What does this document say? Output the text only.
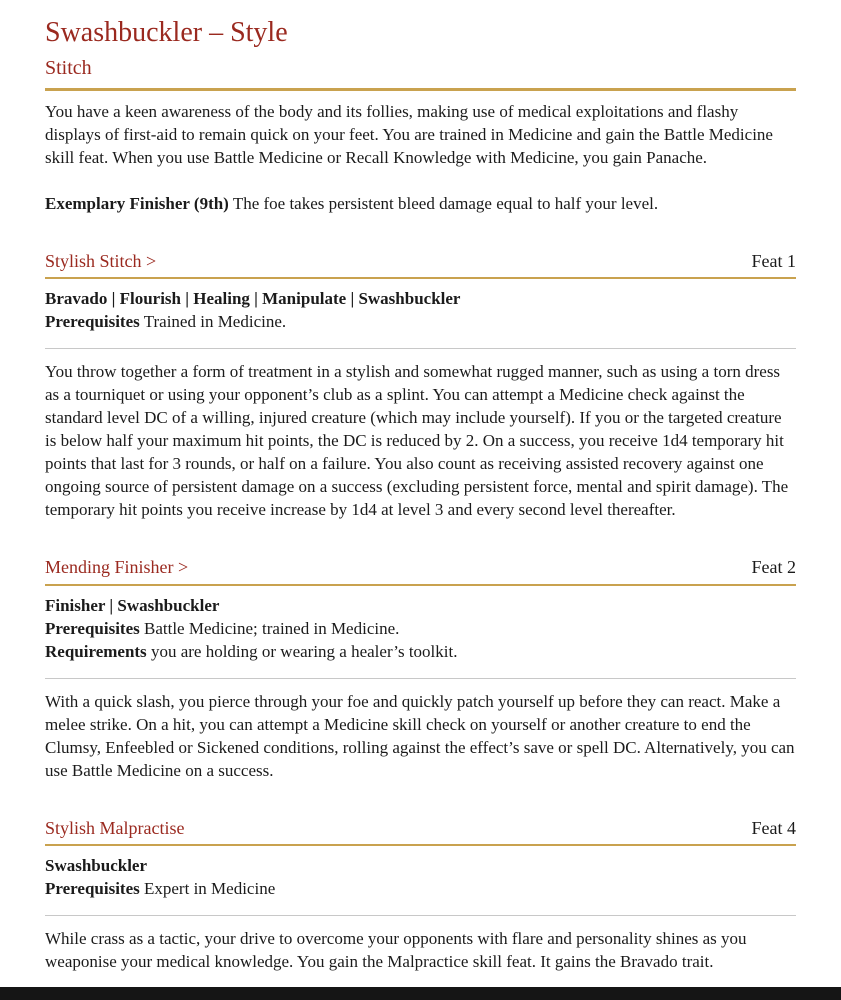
Swashbuckler – Style
Stitch

You have a keen awareness of the body and its follies, making use of medical exploitations and flashy displays of first-aid to remain quick on your feet. You are trained in Medicine and gain the Battle Medicine skill feat. When you use Battle Medicine or Recall Knowledge with Medicine, you gain Panache.

Exemplary Finisher (9th) The foe takes persistent bleed damage equal to half your level.

Stylish Stitch >	Feat 1

Bravado | Flourish | Healing | Manipulate | Swashbuckler

Prerequisites Trained in Medicine.

You throw together a form of treatment in a stylish and somewhat rugged manner, such as using a torn dress as a tourniquet or using your opponent’s club as a splint. You can attempt a Medicine check against the standard level DC of a willing, injured creature (which may include yourself). If you or the targeted creature is below half your maximum hit points, the DC is reduced by 2. On a success, you receive 1d4 temporary hit points that last for 3 rounds, or half on a failure. You also count as receiving assisted recovery against one ongoing source of persistent damage on a success (excluding persistent force, mental and spirit damage). The temporary hit points you receive increase by 1d4 at level 3 and every second level thereafter.

Mending Finisher >	Feat 2

Finisher | Swashbuckler

Prerequisites Battle Medicine; trained in Medicine.

Requirements you are holding or wearing a healer’s toolkit.

With a quick slash, you pierce through your foe and quickly patch yourself up before they can react. Make a melee strike. On a hit, you can attempt a Medicine skill check on yourself or another creature to end the Clumsy, Enfeebled or Sickened conditions, rolling against the effect’s save or spell DC. Alternatively, you can use Battle Medicine on a success.

Stylish Malpractise	Feat 4

Swashbuckler

Prerequisites Expert in Medicine

While crass as a tactic, your drive to overcome your opponents with flare and personality shines as you weaponise your medical knowledge. You gain the Malpractice skill feat. It gains the Bravado trait.
